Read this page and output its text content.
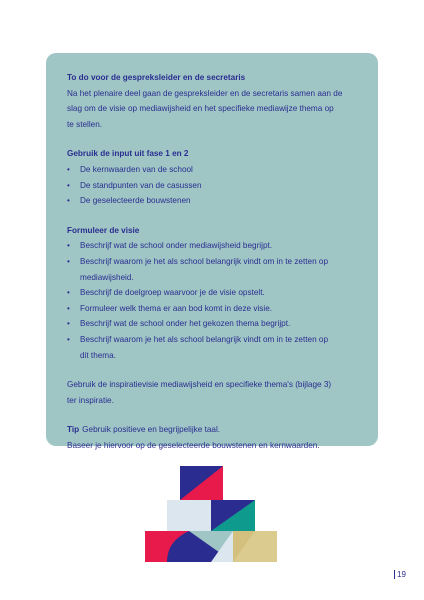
To do voor de gespreksleider en de secretaris

Na het plenaire deel gaan de gespreksleider en de secretaris samen aan de

slag om de visie op mediawijsheid en het specifieke mediawijze thema op

te stellen.

Gebruik de input uit fase 1 en 2

• De kernwaarden van de school
• De standpunten van de casussen
• De geselecteerde bouwstenen

Formuleer de visie

• Beschrijf wat de school onder mediawijsheid begrijpt.
• Beschrijf waarom je het als school belangrijk vindt om in te zetten op
mediawijsheid.
• Beschrijf de doelgroep waarvoor je de visie opstelt.
• Formuleer welk thema er aan bod komt in deze visie.
• Beschrijf wat de school onder het gekozen thema begrijpt.
• Beschrijf waarom je het als school belangrijk vindt om in te zetten op
dit thema.

Gebruik de inspiratievisie mediawijsheid en specifieke thema's (bijlage 3)

ter inspiratie.

Tip Gebruik positieve en begrijpelijke taal.

Baseer je hiervoor op de geselecteerde bouwstenen en kernwaarden.

19
